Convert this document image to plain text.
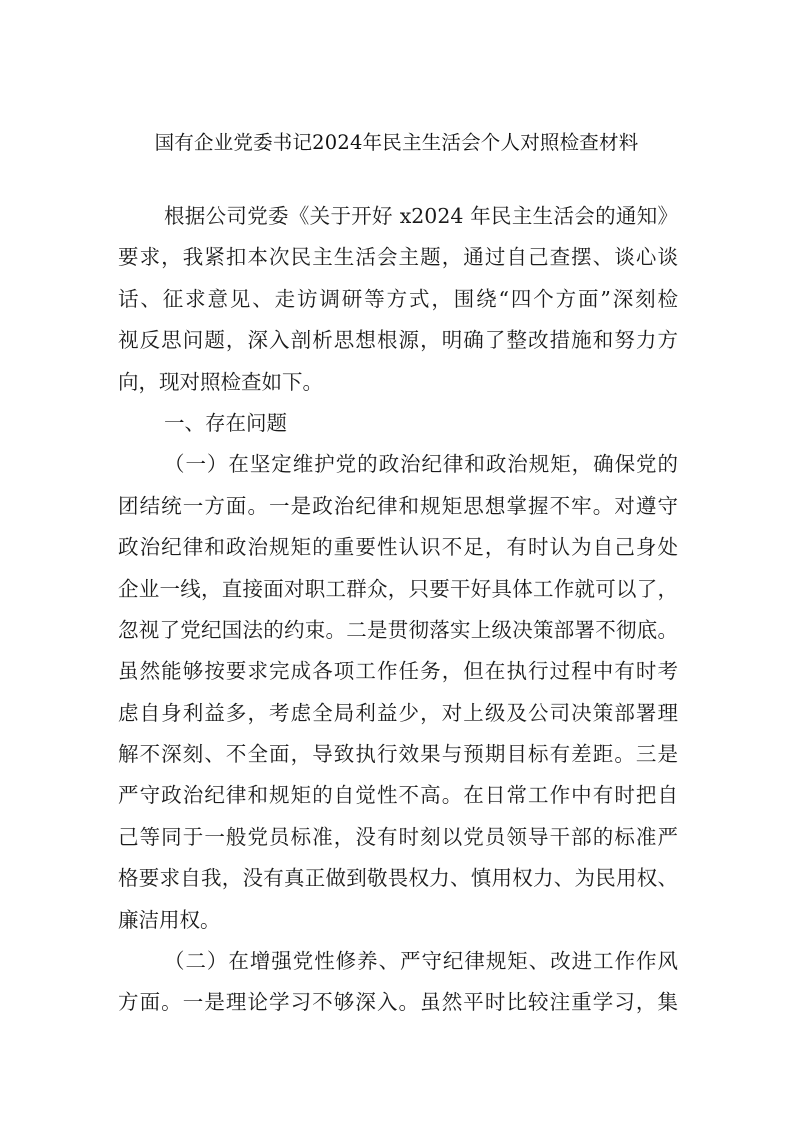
国有企业党委书记2024年民主生活会个人对照检查材料
根据公司党委《关于开好 x2024 年民主生活会的通知》
要求，我紧扣本次民主生活会主题，通过自己查摆、谈心谈
话、征求意见、走访调研等方式，围绕“四个方面”深刻检
视反思问题，深入剖析思想根源，明确了整改措施和努力方
向，现对照检查如下。
一、存在问题
（一）在坚定维护党的政治纪律和政治规矩，确保党的
团结统一方面。一是政治纪律和规矩思想掌握不牢。对遵守
政治纪律和政治规矩的重要性认识不足，有时认为自己身处
企业一线，直接面对职工群众，只要干好具体工作就可以了，
忽视了党纪国法的约束。二是贯彻落实上级决策部署不彻底。
虽然能够按要求完成各项工作任务，但在执行过程中有时考
虑自身利益多，考虑全局利益少，对上级及公司决策部署理
解不深刻、不全面，导致执行效果与预期目标有差距。三是
严守政治纪律和规矩的自觉性不高。在日常工作中有时把自
己等同于一般党员标准，没有时刻以党员领导干部的标准严
格要求自我，没有真正做到敬畏权力、慎用权力、为民用权、
廉洁用权。
（二）在增强党性修养、严守纪律规矩、改进工作作风
方面。一是理论学习不够深入。虽然平时比较注重学习，集
